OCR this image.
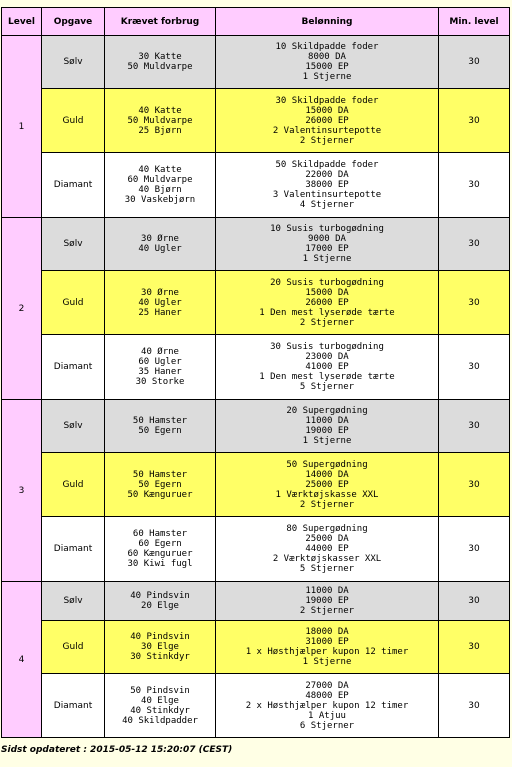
Level	Opgave	Krævet forbrug	Belønning	Min. level
1	Sølv	30 Katte
50 Muldvarpe	10 Skildpadde foder
8000 DA
15000 EP
1 Stjerne	30
	Guld	40 Katte
50 Muldvarpe
25 Bjørn	30 Skildpadde foder
15000 DA
26000 EP
2 Valentinsurtepotte
2 Stjerner	30
	Diamant	40 Katte
60 Muldvarpe
40 Bjørn
30 Vaskebjørn	50 Skildpadde foder
22000 DA
38000 EP
3 Valentinsurtepotte
4 Stjerner	30
2	Sølv	30 Ørne
40 Ugler	10 Susis turbogødning
9000 DA
17000 EP
1 Stjerne	30
	Guld	30 Ørne
40 Ugler
25 Haner	20 Susis turbogødning
15000 DA
26000 EP
1 Den mest lyserøde tærte
2 Stjerner	30
	Diamant	40 Ørne
60 Ugler
35 Haner
30 Storke	30 Susis turbogødning
23000 DA
41000 EP
1 Den mest lyserøde tærte
5 Stjerner	30
3	Sølv	50 Hamster
50 Egern	20 Supergødning
11000 DA
19000 EP
1 Stjerne	30
	Guld	50 Hamster
50 Egern
50 Kænguruer	50 Supergødning
14000 DA
25000 EP
1 Værktøjskasse XXL
2 Stjerner	30
	Diamant	60 Hamster
60 Egern
60 Kænguruer
30 Kiwi fugl	80 Supergødning
25000 DA
44000 EP
2 Værktøjskasser XXL
5 Stjerner	30
4	Sølv	40 Pindsvin
20 Elge	11000 DA
19000 EP
2 Stjerner	30
	Guld	40 Pindsvin
30 Elge
30 Stinkdyr	18000 DA
31000 EP
1 x Høsthjælper kupon 12 timer
1 Stjerne	30
	Diamant	50 Pindsvin
40 Elge
40 Stinkdyr
40 Skildpadder	27000 DA
48000 EP
2 x Høsthjælper kupon 12 timer
1 Atjuu
6 Stjerner	30
Sidst opdateret : 2015-05-12 15:20:07 (CEST)
